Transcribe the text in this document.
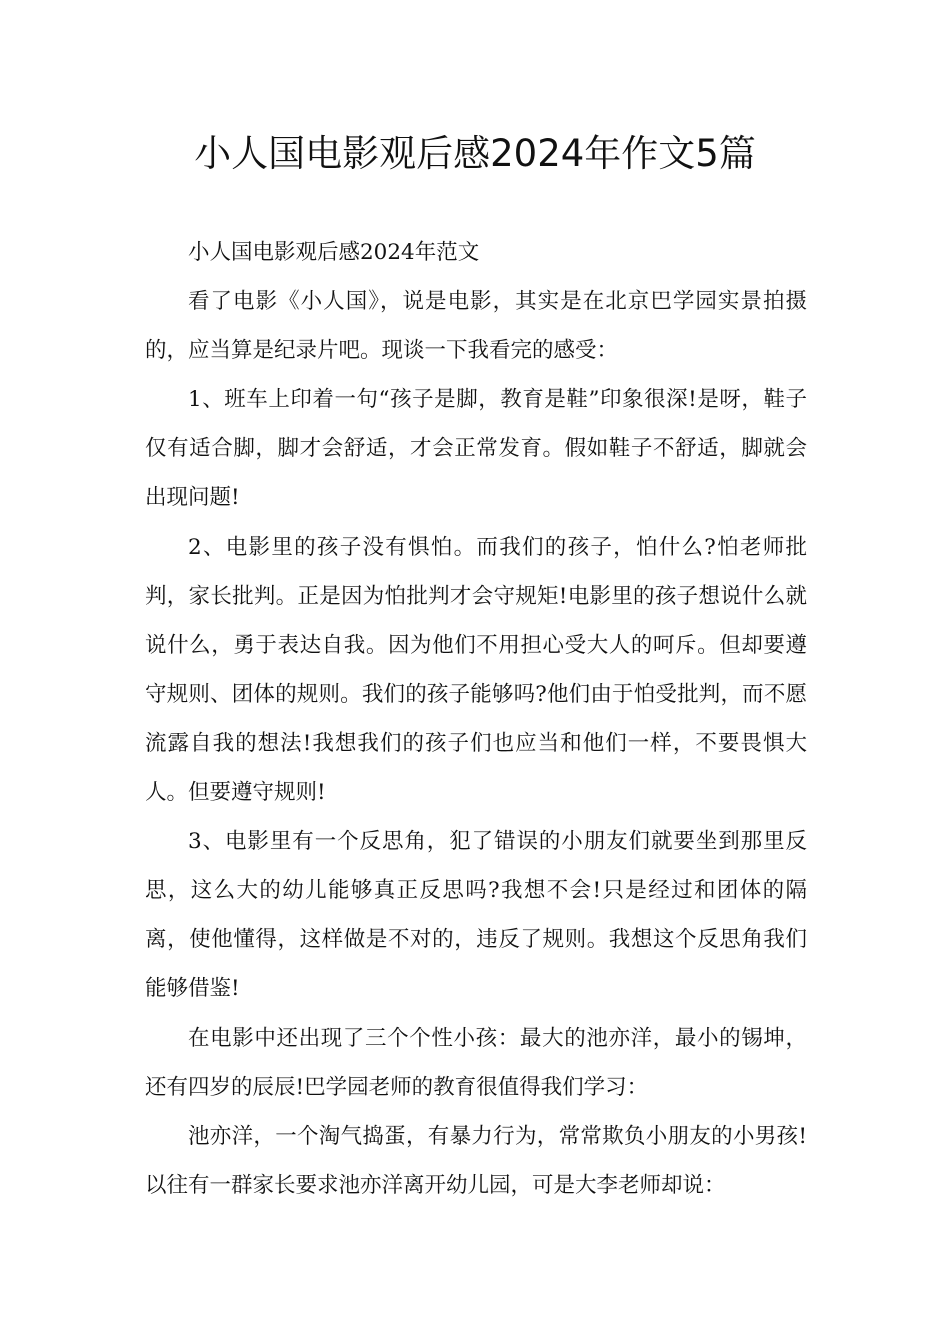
小人国电影观后感2024年作文5篇

小人国电影观后感2024年范文

看了电影《小人国》，说是电影，其实是在北京巴学园实景拍摄的，应当算是纪录片吧。现谈一下我看完的感受：

1、班车上印着一句“孩子是脚，教育是鞋”印象很深!是呀，鞋子仅有适合脚，脚才会舒适，才会正常发育。假如鞋子不舒适，脚就会出现问题!

2、电影里的孩子没有惧怕。而我们的孩子，怕什么?怕老师批判，家长批判。正是因为怕批判才会守规矩!电影里的孩子想说什么就说什么，勇于表达自我。因为他们不用担心受大人的呵斥。但却要遵守规则、团体的规则。我们的孩子能够吗?他们由于怕受批判，而不愿流露自我的想法!我想我们的孩子们也应当和他们一样，不要畏惧大人。但要遵守规则!

3、电影里有一个反思角，犯了错误的小朋友们就要坐到那里反思，这么大的幼儿能够真正反思吗?我想不会!只是经过和团体的隔离，使他懂得，这样做是不对的，违反了规则。我想这个反思角我们能够借鉴!

在电影中还出现了三个个性小孩：最大的池亦洋，最小的锡坤，还有四岁的辰辰!巴学园老师的教育很值得我们学习：

池亦洋，一个淘气捣蛋，有暴力行为，常常欺负小朋友的小男孩!以往有一群家长要求池亦洋离开幼儿园，可是大李老师却说：
